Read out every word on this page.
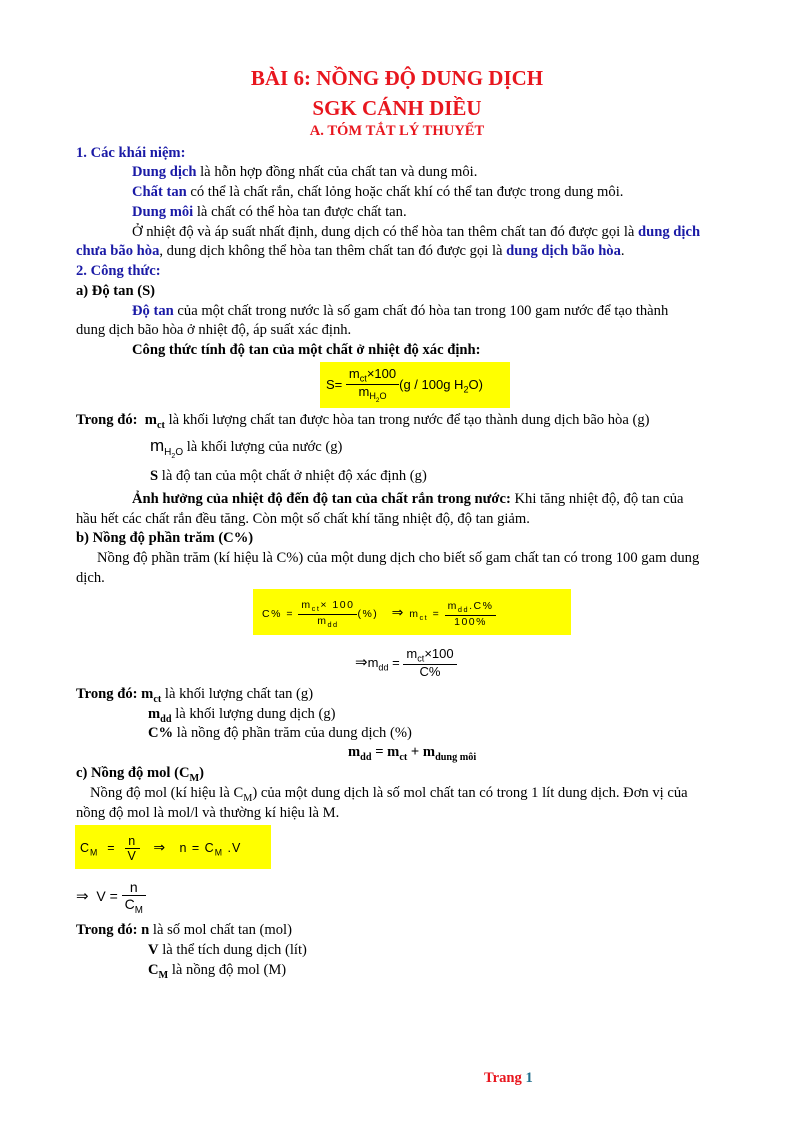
BÀI 6: NỒNG ĐỘ DUNG DỊCH
SGK CÁNH DIỀU
A. TÓM TẮT LÝ THUYẾT
1. Các khái niệm:
Dung dịch là hỗn hợp đồng nhất của chất tan và dung môi.
Chất tan có thể là chất rắn, chất lỏng hoặc chất khí có thể tan được trong dung môi.
Dung môi là chất có thể hòa tan được chất tan.
Ở nhiệt độ và áp suất nhất định, dung dịch có thể hòa tan thêm chất tan đó được gọi là dung dịch
chưa bão hòa, dung dịch không thể hòa tan thêm chất tan đó được gọi là dung dịch bão hòa.
2. Công thức:
a) Độ tan (S)
Độ tan của một chất trong nước là số gam chất đó hòa tan trong 100 gam nước để tạo thành
dung dịch bão hòa ở nhiệt độ, áp suất xác định.
Công thức tính độ tan của một chất ở nhiệt độ xác định:
$S= \frac{m_{ct}\times 100}{m_{H_2O}} (g / 100g$ $H_2O$)
Trong đó: $m_{ct}$ là khối lượng chất tan được hòa tan trong nước để tạo thành dung dịch bão hòa (g)
$m_{H_2O}$ là khối lượng của nước (g)
S là độ tan của một chất ở nhiệt độ xác định (g)
Ảnh hưởng của nhiệt độ đến độ tan của chất rắn trong nước: Khi tăng nhiệt độ, độ tan của
hầu hết các chất rắn đều tăng. Còn một số chất khí tăng nhiệt độ, độ tan giảm.
b) Nồng độ phần trăm (C%)
Nồng độ phần trăm (kí hiệu là C%) của một dung dịch cho biết số gam chất tan có trong 100 gam dung
dịch.
$C\% = \frac{m_{ct}\times 100}{m_{dd}}$ (%) ⇒ $m_{ct} = \frac{m_{dd}.C\%}{100\%}$
$\Rightarrow m_{dd} = \frac{m_{ct}\times 100}{C\%}$
Trong đó: $m_{ct}$ là khối lượng chất tan (g)
$m_{dd}$ là khối lượng dung dịch (g)
C% là nồng độ phần trăm của dung dịch (%)
$m_{dd} = m_{ct} + m_{dung môi}$
c) Nồng độ mol $(C_M)$
Nồng độ mol (kí hiệu là $C_M$) của một dung dịch là số mol chất tan có trong 1 lít dung dịch. Đơn vị của
nồng độ mol là mol/l và thường kí hiệu là M.
$C_M = \frac{n}{V}$ ⇒ $n = C_M$ .V
⇒ $V = \frac{n}{C_M}$
Trong đó: n là số mol chất tan (mol)
V là thể tích dung dịch (lít)
$C_M$ là nồng độ mol (M)
Trang 1
